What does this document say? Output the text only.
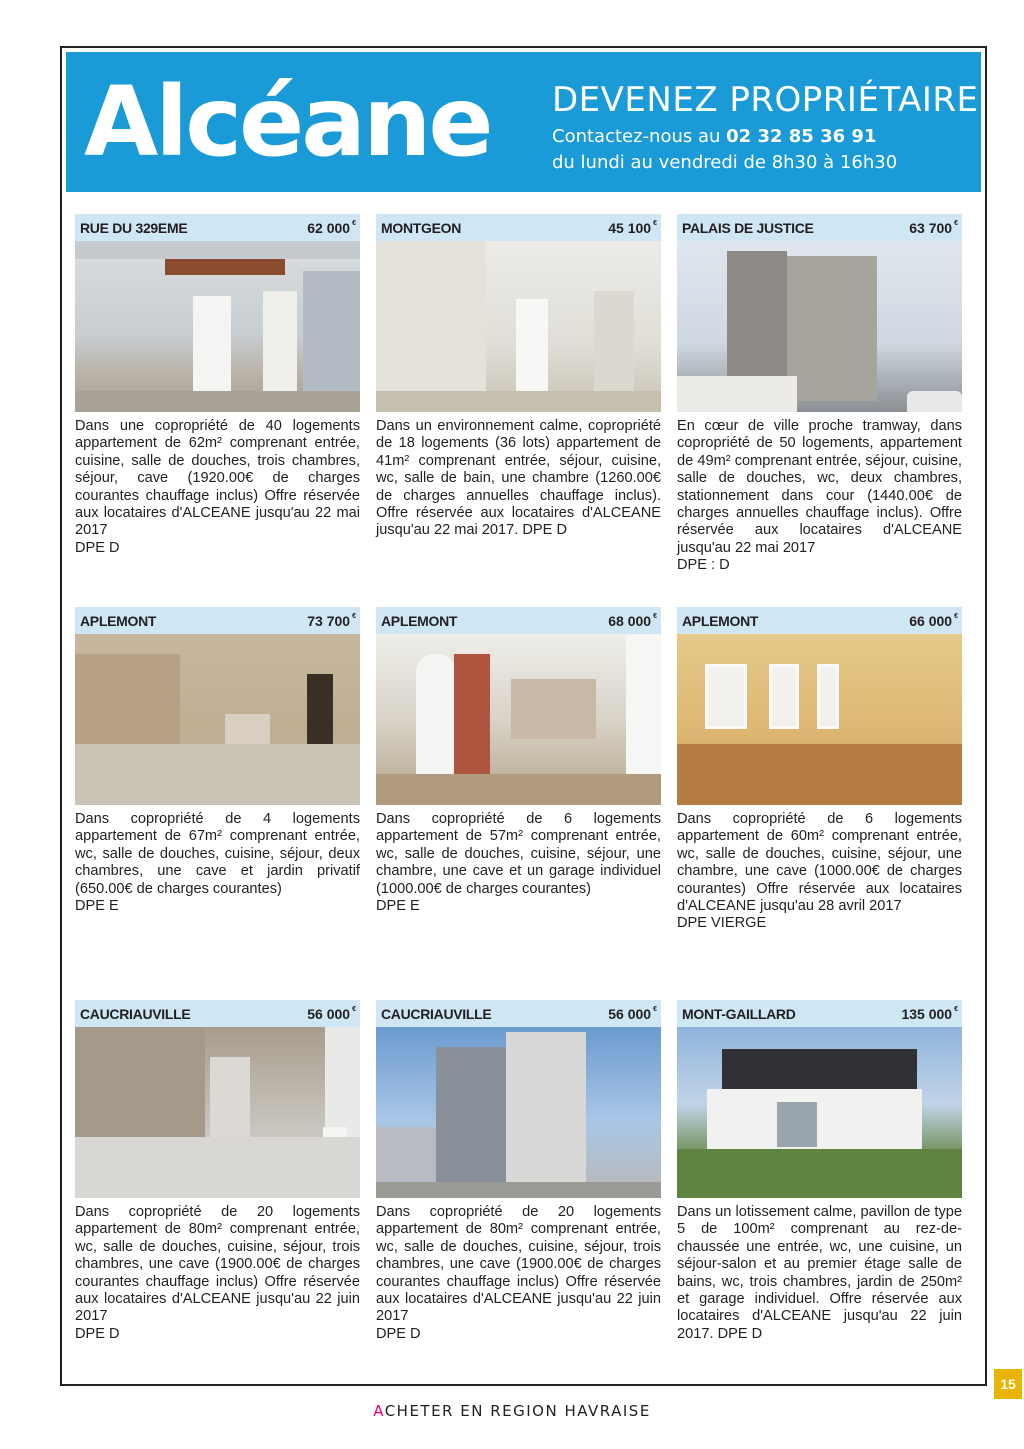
Alcéane DEVENEZ PROPRIÉTAIRE
Contactez-nous au 02 32 85 36 91
du lundi au vendredi de 8h30 à 16h30
RUE DU 329EME	62 000 €
Dans une copropriété de 40 logements appartement de 62m² comprenant entrée, cuisine, salle de douches, trois chambres, séjour, cave (1920.00€ de charges courantes chauffage inclus) Offre réservée aux locataires d'ALCEANE jusqu'au 22 mai 2017
DPE D
MONTGEON	45 100 €
Dans un environnement calme, copropriété de 18 logements (36 lots) appartement de 41m² comprenant entrée, séjour, cuisine, wc, salle de bain, une chambre (1260.00€ de charges annuelles chauffage inclus). Offre réservée aux locataires d'ALCEANE jusqu'au 22 mai 2017. DPE D
PALAIS DE JUSTICE	63 700 €
En cœur de ville proche tramway, dans copropriété de 50 logements, appartement de 49m² comprenant entrée, séjour, cuisine, salle de douches, wc, deux chambres, stationnement dans cour (1440.00€ de charges annuelles chauffage inclus). Offre réservée aux locataires d'ALCEANE jusqu'au 22 mai 2017
DPE : D
APLEMONT	73 700 €
Dans copropriété de 4 logements appartement de 67m² comprenant entrée, wc, salle de douches, cuisine, séjour, deux chambres, une cave et jardin privatif (650.00€ de charges courantes)
DPE E
APLEMONT	68 000 €
Dans copropriété de 6 logements appartement de 57m² comprenant entrée, wc, salle de douches, cuisine, séjour, une chambre, une cave et un garage individuel (1000.00€ de charges courantes)
DPE E
APLEMONT	66 000 €
Dans copropriété de 6 logements appartement de 60m² comprenant entrée, wc, salle de douches, cuisine, séjour, une chambre, une cave (1000.00€ de charges courantes) Offre réservée aux locataires d'ALCEANE jusqu'au 28 avril 2017
DPE VIERGE
CAUCRIAUVILLE	56 000 €
Dans copropriété de 20 logements appartement de 80m² comprenant entrée, wc, salle de douches, cuisine, séjour, trois chambres, une cave (1900.00€ de charges courantes chauffage inclus) Offre réservée aux locataires d'ALCEANE jusqu'au 22 juin 2017
DPE D
CAUCRIAUVILLE	56 000 €
Dans copropriété de 20 logements appartement de 80m² comprenant entrée, wc, salle de douches, cuisine, séjour, trois chambres, une cave (1900.00€ de charges courantes chauffage inclus) Offre réservée aux locataires d'ALCEANE jusqu'au 22 juin 2017
DPE D
MONT-GAILLARD	135 000 €
Dans un lotissement calme, pavillon de type 5 de 100m² comprenant au rez-de-chaussée une entrée, wc, une cuisine, un séjour-salon et au premier étage salle de bains, wc, trois chambres, jardin de 250m² et garage individuel. Offre réservée aux locataires d'ALCEANE jusqu'au 22 juin 2017. DPE D
ACHETER EN REGION HAVRAISE
15
